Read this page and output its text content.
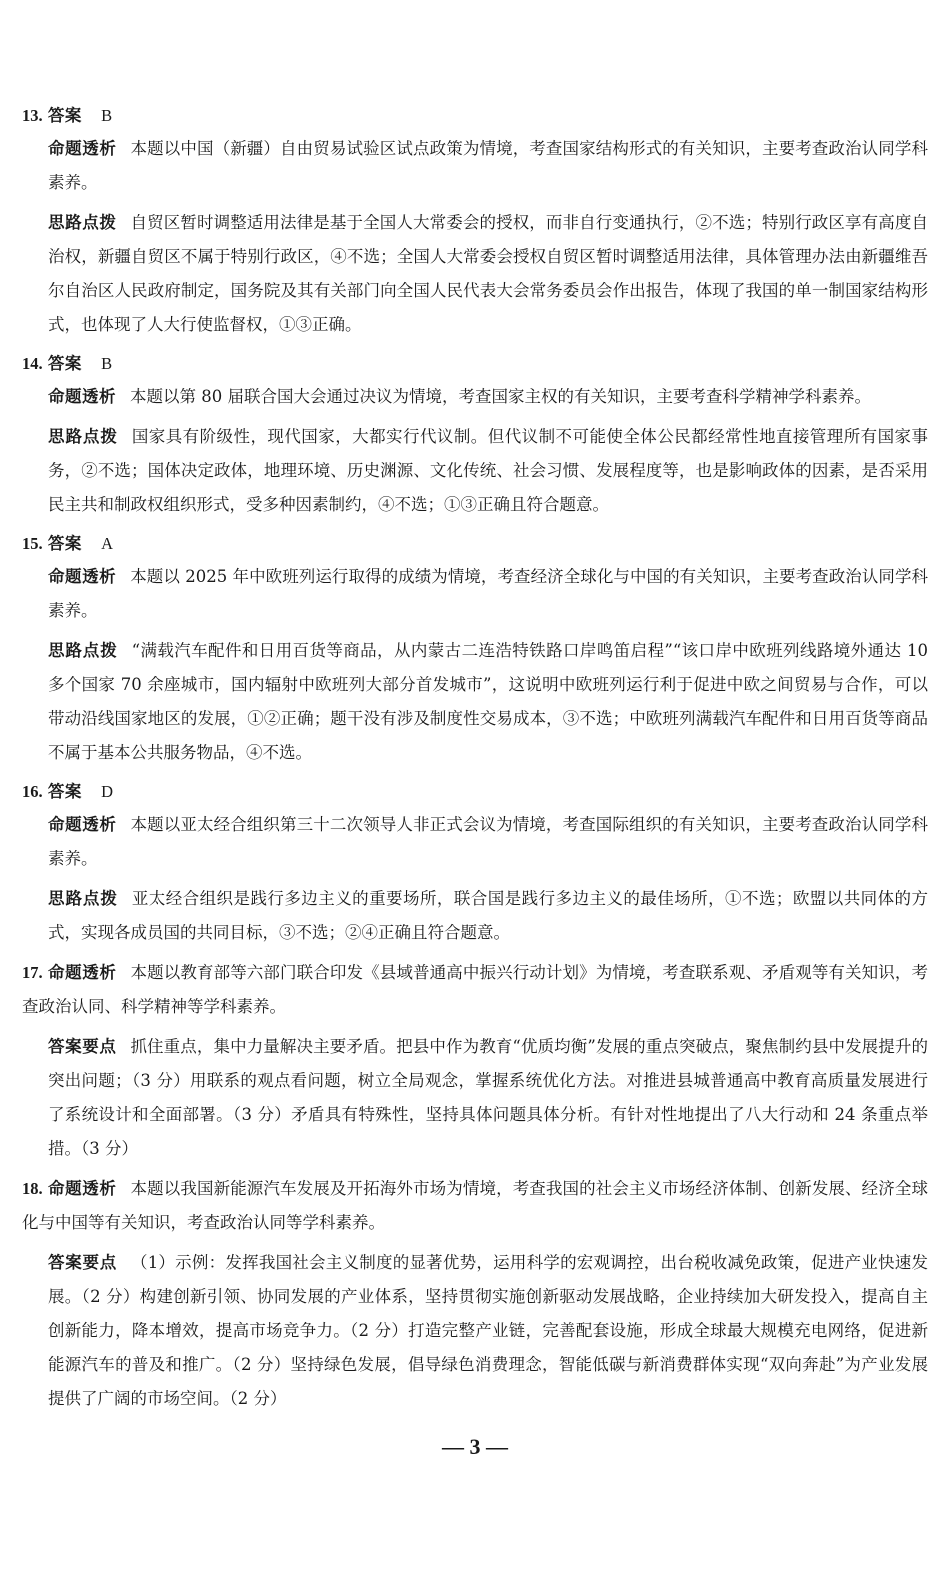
13. 答案 B

命题透析 本题以中国（新疆）自由贸易试验区试点政策为情境，考查国家结构形式的有关知识，主要考查政治认同学科素养。

思路点拨 自贸区暂时调整适用法律是基于全国人大常委会的授权，而非自行变通执行，②不选；特别行政区享有高度自治权，新疆自贸区不属于特别行政区，④不选；全国人大常委会授权自贸区暂时调整适用法律，具体管理办法由新疆维吾尔自治区人民政府制定，国务院及其有关部门向全国人民代表大会常务委员会作出报告，体现了我国的单一制国家结构形式，也体现了人大行使监督权，①③正确。

14. 答案 B

命题透析 本题以第 80 届联合国大会通过决议为情境，考查国家主权的有关知识，主要考查科学精神学科素养。

思路点拨 国家具有阶级性，现代国家，大都实行代议制。但代议制不可能使全体公民都经常性地直接管理所有国家事务，②不选；国体决定政体，地理环境、历史渊源、文化传统、社会习惯、发展程度等，也是影响政体的因素，是否采用民主共和制政权组织形式，受多种因素制约，④不选；①③正确且符合题意。

15. 答案 A

命题透析 本题以 2025 年中欧班列运行取得的成绩为情境，考查经济全球化与中国的有关知识，主要考查政治认同学科素养。

思路点拨 “满载汽车配件和日用百货等商品，从内蒙古二连浩特铁路口岸鸣笛启程”“该口岸中欧班列线路境外通达 10 多个国家 70 余座城市，国内辐射中欧班列大部分首发城市”，这说明中欧班列运行利于促进中欧之间贸易与合作，可以带动沿线国家地区的发展，①②正确；题干没有涉及制度性交易成本，③不选；中欧班列满载汽车配件和日用百货等商品不属于基本公共服务物品，④不选。

16. 答案 D

命题透析 本题以亚太经合组织第三十二次领导人非正式会议为情境，考查国际组织的有关知识，主要考查政治认同学科素养。

思路点拨 亚太经合组织是践行多边主义的重要场所，联合国是践行多边主义的最佳场所，①不选；欧盟以共同体的方式，实现各成员国的共同目标，③不选；②④正确且符合题意。

17. 命题透析 本题以教育部等六部门联合印发《县域普通高中振兴行动计划》为情境，考查联系观、矛盾观等有关知识，考查政治认同、科学精神等学科素养。

答案要点 抓住重点，集中力量解决主要矛盾。把县中作为教育“优质均衡”发展的重点突破点，聚焦制约县中发展提升的突出问题；（3 分）用联系的观点看问题，树立全局观念，掌握系统优化方法。对推进县城普通高中教育高质量发展进行了系统设计和全面部署。（3 分）矛盾具有特殊性，坚持具体问题具体分析。有针对性地提出了八大行动和 24 条重点举措。（3 分）

18. 命题透析 本题以我国新能源汽车发展及开拓海外市场为情境，考查我国的社会主义市场经济体制、创新发展、经济全球化与中国等有关知识，考查政治认同等学科素养。

答案要点 （1）示例：发挥我国社会主义制度的显著优势，运用科学的宏观调控，出台税收减免政策，促进产业快速发展。（2 分）构建创新引领、协同发展的产业体系，坚持贯彻实施创新驱动发展战略，企业持续加大研发投入，提高自主创新能力，降本增效，提高市场竞争力。（2 分）打造完整产业链，完善配套设施，形成全球最大规模充电网络，促进新能源汽车的普及和推广。（2 分）坚持绿色发展，倡导绿色消费理念，智能低碳与新消费群体实现“双向奔赴”为产业发展提供了广阔的市场空间。（2 分）

— 3 —
